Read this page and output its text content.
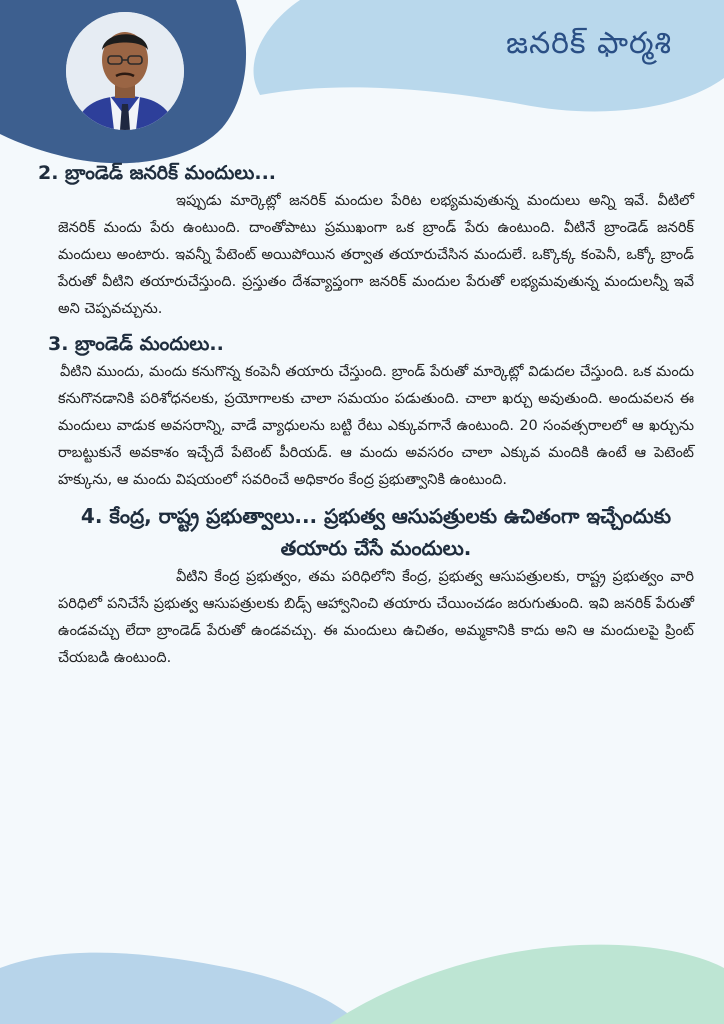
జనరిక్ ఫార్మశి
2. బ్రాండెడ్ జనరిక్ మందులు...

ఇప్పుడు మార్కెట్లో జనరిక్ మందుల పేరిట లభ్యమవుతున్న మందులు అన్ని ఇవే. వీటిలో జెనరిక్ మందు పేరు ఉంటుంది. దాంతోపాటు ప్రముఖంగా ఒక బ్రాండ్ పేరు ఉంటుంది. వీటినే బ్రాండెడ్ జనరిక్ మందులు అంటారు. ఇవన్నీ పేటెంట్ అయిపోయిన తర్వాత తయారుచేసిన మందులే. ఒక్కొక్క కంపెనీ, ఒక్కో బ్రాండ్ పేరుతో వీటిని తయారుచేస్తుంది. ప్రస్తుతం దేశవ్యాప్తంగా జనరిక్ మందుల పేరుతో లభ్యమవుతున్న మందులన్నీ ఇవే అని చెప్పవచ్చును.

3. బ్రాండెడ్ మందులు..

వీటిని ముందు, మందు కనుగొన్న కంపెనీ తయారు చేస్తుంది. బ్రాండ్ పేరుతో మార్కెట్లో విడుదల చేస్తుంది. ఒక మందు కనుగొనడానికి పరిశోధనలకు, ప్రయోగాలకు చాలా సమయం పడుతుంది. చాలా ఖర్చు అవుతుంది. అందువలన ఈ మందులు వాడుక అవసరాన్ని, వాడే వ్యాధులను బట్టి రేటు ఎక్కువగానే ఉంటుంది. 20 సంవత్సరాలలో ఆ ఖర్చును రాబట్టుకునే అవకాశం ఇచ్చేదే పేటెంట్ పీరియడ్. ఆ మందు అవసరం చాలా ఎక్కువ మందికి ఉంటే ఆ పెటెంట్ హక్కును, ఆ మందు విషయంలో సవరించే అధికారం కేంద్ర ప్రభుత్వానికి ఉంటుంది.

4. కేంద్ర, రాష్ట్ర ప్రభుత్వాలు... ప్రభుత్వ ఆసుపత్రులకు ఉచితంగా ఇచ్చేందుకు తయారు చేసే మందులు.

వీటిని కేంద్ర ప్రభుత్వం, తమ పరిధిలోని కేంద్ర, ప్రభుత్వ ఆసుపత్రులకు, రాష్ట్ర ప్రభుత్వం వారి పరిధిలో పనిచేసే ప్రభుత్వ ఆసుపత్రులకు బిడ్స్ ఆహ్వానించి తయారు చేయించడం జరుగుతుంది. ఇవి జనరిక్ పేరుతో ఉండవచ్చు లేదా బ్రాండెడ్ పేరుతో ఉండవచ్చు. ఈ మందులు ఉచితం, అమ్మకానికి కాదు అని ఆ మందులపై ప్రింట్ చేయబడి ఉంటుంది.
